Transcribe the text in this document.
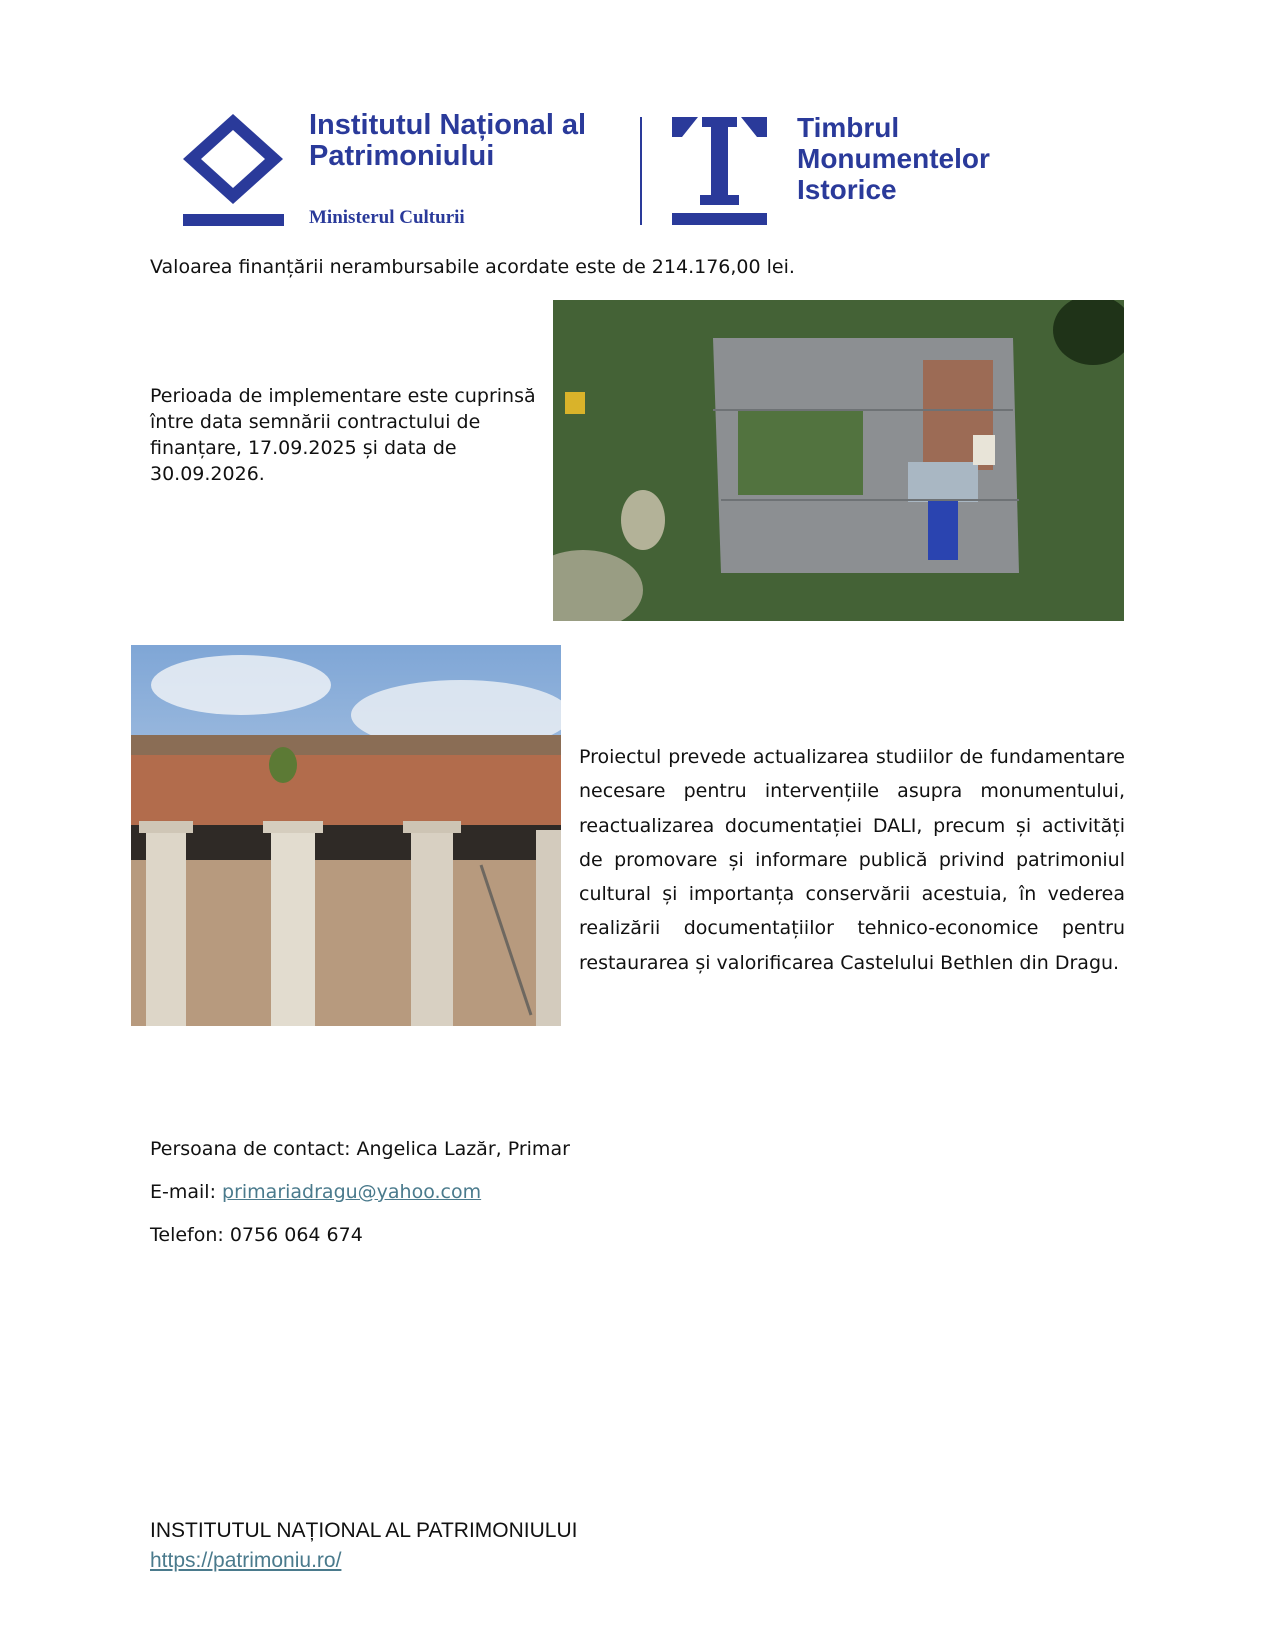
Institutul Național al
Patrimoniului
Ministerul Culturii
Timbrul
Monumentelor
Istorice
Valoarea finanțării nerambursabile acordate este de 214.176,00 lei.
Perioada de implementare este cuprinsă între data semnării contractului de finanțare, 17.09.2025 și data de 30.09.2026.
Proiectul prevede actualizarea studiilor de fundamentare necesare pentru intervențiile asupra monumentului, reactualizarea documentației DALI, precum și activități de promovare și informare publică privind patrimoniul cultural și importanța conservării acestuia, în vederea realizării documentațiilor tehnico-economice pentru restaurarea și valorificarea Castelului Bethlen din Dragu.
Persoana de contact: Angelica Lazăr, Primar
E-mail: primariadragu@yahoo.com
Telefon: 0756 064 674
INSTITUTUL NAȚIONAL AL PATRIMONIULUI
https://patrimoniu.ro/
